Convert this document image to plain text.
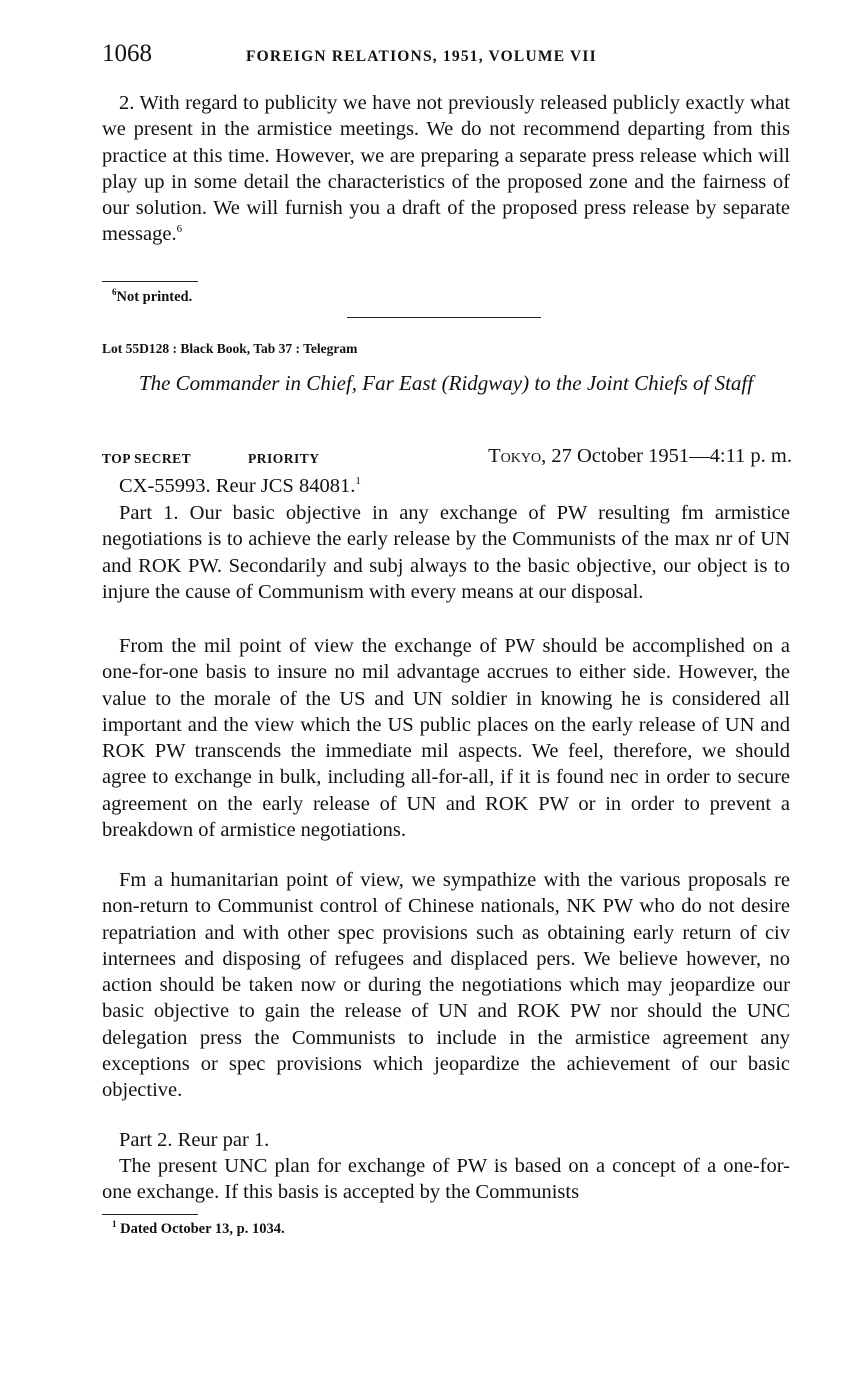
1068	FOREIGN RELATIONS, 1951, VOLUME VII

2. With regard to publicity we have not previously released publicly exactly what we present in the armistice meetings. We do not recommend departing from this practice at this time. However, we are preparing a separate press release which will play up in some detail the characteristics of the proposed zone and the fairness of our solution. We will furnish you a draft of the proposed press release by separate message.$^6$

$^6$Not printed.
Lot 55D128 : Black Book, Tab 37 : Telegram

The Commander in Chief, Far East (Ridgway) to the Joint Chiefs of Staff

TOP SECRET	PRIORITY	Tokyo, 27 October 1951—4:11 p. m.

CX-55993. Reur JCS 84081.$^1$

Part 1. Our basic objective in any exchange of PW resulting fm armistice negotiations is to achieve the early release by the Communists of the max nr of UN and ROK PW. Secondarily and subj always to the basic objective, our object is to injure the cause of Communism with every means at our disposal.

From the mil point of view the exchange of PW should be accomplished on a one-for-one basis to insure no mil advantage accrues to either side. However, the value to the morale of the US and UN soldier in knowing he is considered all important and the view which the US public places on the early release of UN and ROK PW transcends the immediate mil aspects. We feel, therefore, we should agree to exchange in bulk, including all-for-all, if it is found nec in order to secure agreement on the early release of UN and ROK PW or in order to prevent a breakdown of armistice negotiations.

Fm a humanitarian point of view, we sympathize with the various proposals re non-return to Communist control of Chinese nationals, NK PW who do not desire repatriation and with other spec provisions such as obtaining early return of civ internees and disposing of refugees and displaced pers. We believe however, no action should be taken now or during the negotiations which may jeopardize our basic objective to gain the release of UN and ROK PW nor should the UNC delegation press the Communists to include in the armistice agreement any exceptions or spec provisions which jeopardize the achievement of our basic objective.

Part 2. Reur par 1.

The present UNC plan for exchange of PW is based on a concept of a one-for-one exchange. If this basis is accepted by the Communists

$^1$ Dated October 13, p. 1034.
